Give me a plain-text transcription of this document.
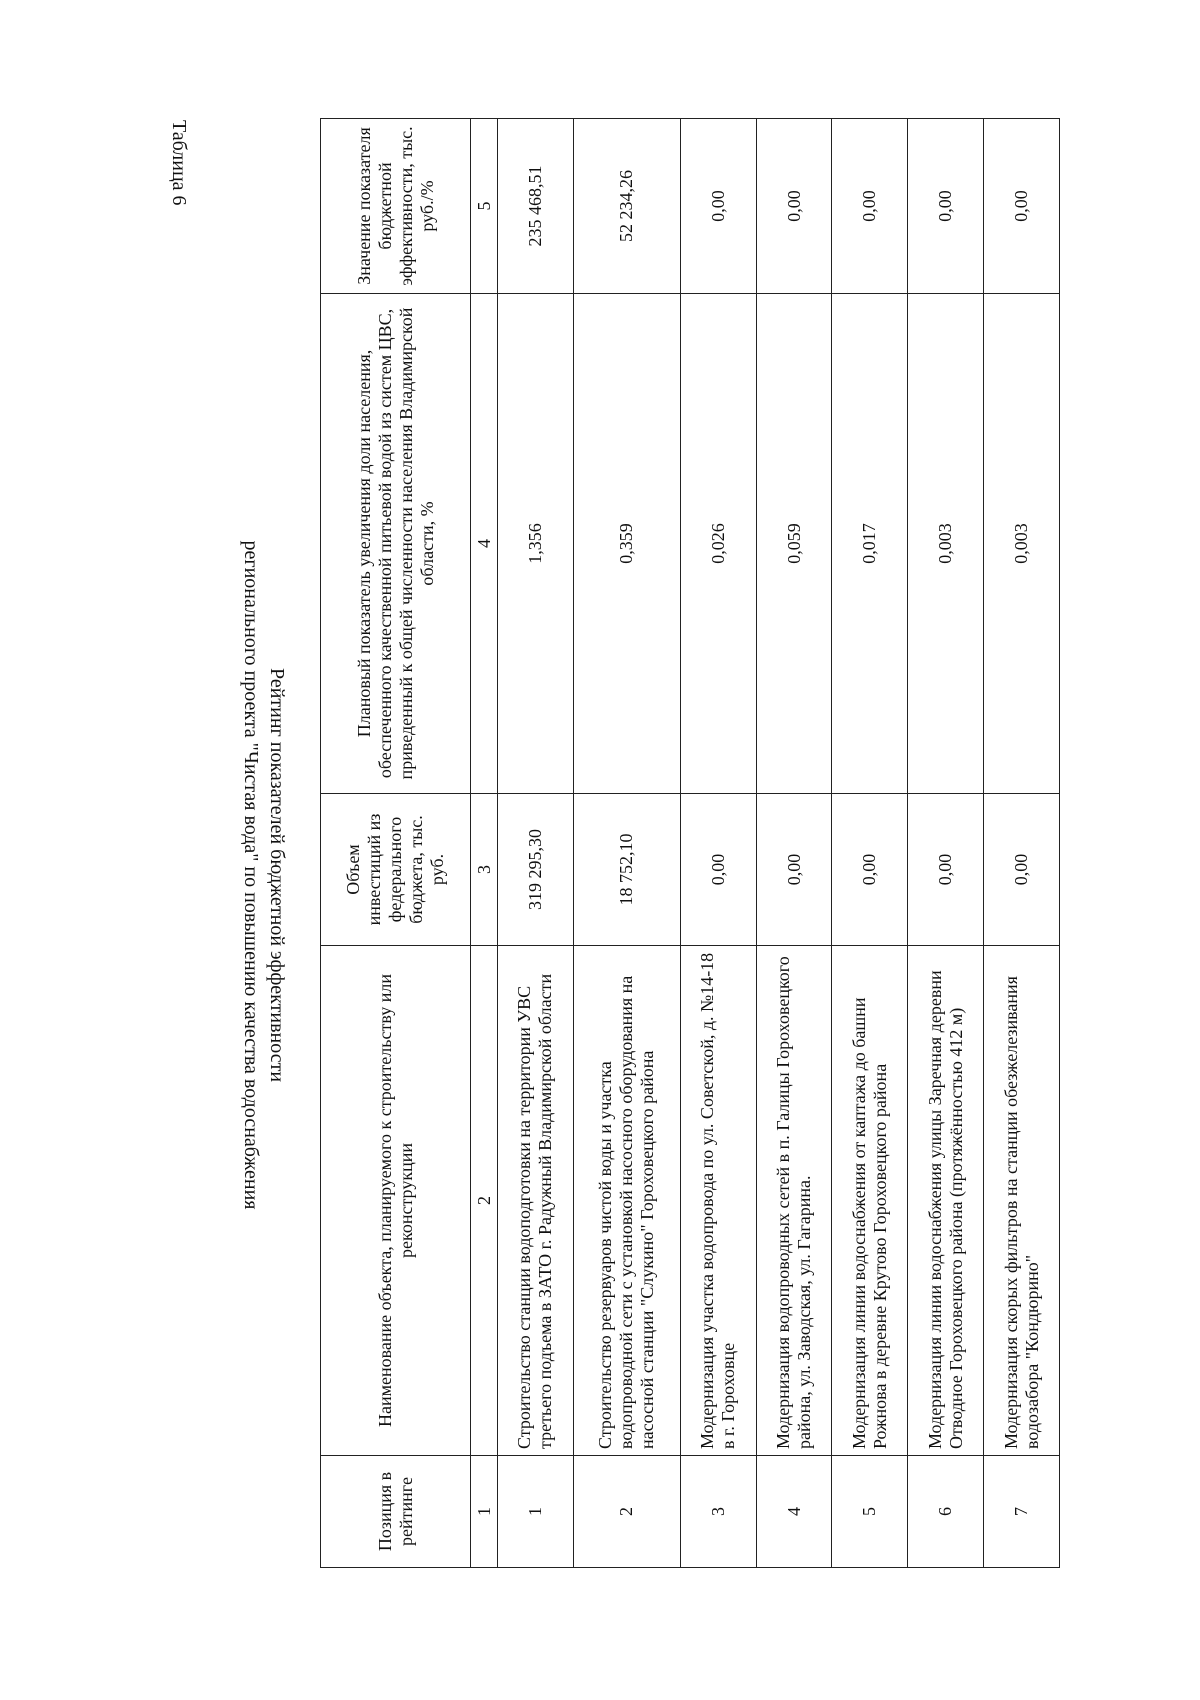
Таблица 6
Рейтинг показателей бюджетной эффективности
регионального проекта "Чистая вода" по повышению качества водоснабжения
Позиция в рейтинге	Наименование объекта, планируемого к строительству или реконструкции	Объем инвестиций из федерального бюджета, тыс. руб.	Плановый показатель увеличения доли населения, обеспеченного качественной питьевой водой из систем ЦВС, приведенный к общей численности населения Владимирской области, %	Значение показателя бюджетной эффективности, тыс. руб./%
1	2	3	4	5
1	Строительство станции водоподготовки на территории УВС третьего подъема в ЗАТО г. Радужный Владимирской области	319 295,30	1,356	235 468,51
2	Строительство резервуаров чистой воды и участка водопроводной сети с установкой насосного оборудования на насосной станции "Слукино" Гороховецкого района	18 752,10	0,359	52 234,26
3	Модернизация участка водопровода по ул. Советской, д. №14-18 в г. Гороховце	0,00	0,026	0,00
4	Модернизация водопроводных сетей в п. Галицы Гороховецкого района, ул. Заводская, ул. Гагарина.	0,00	0,059	0,00
5	Модернизация линии водоснабжения от каптажа до башни Рожнова в деревне Крутово Гороховецкого района	0,00	0,017	0,00
6	Модернизация линии водоснабжения улицы Заречная деревни Отводное Гороховецкого района (протяжённостью 412 м)	0,00	0,003	0,00
7	Модернизация скорых фильтров на станции обезжелезивания водозабора "Кондюрино"	0,00	0,003	0,00
